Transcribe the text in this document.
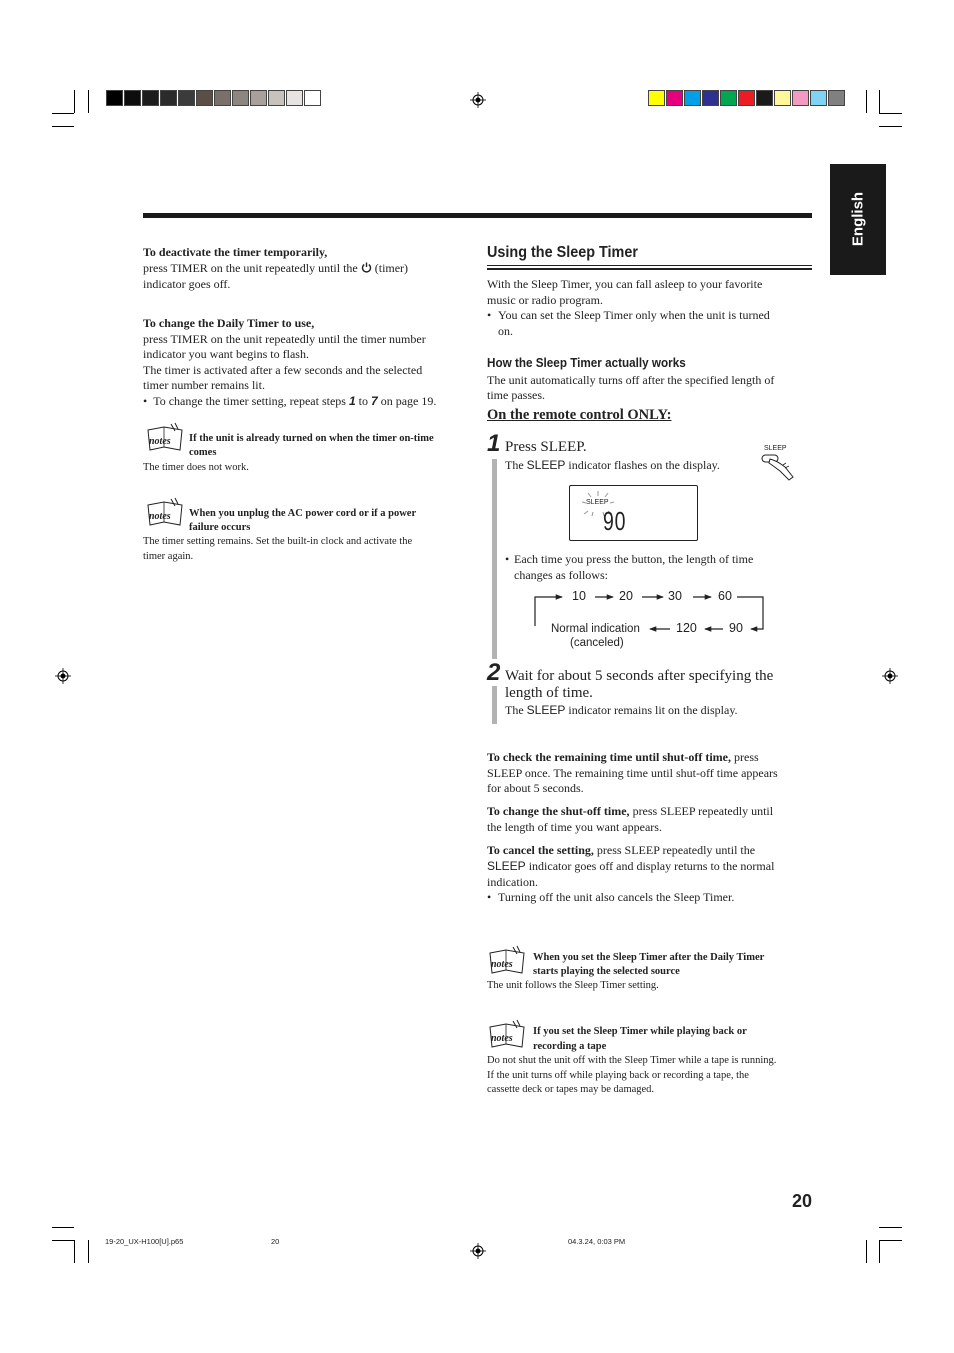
English
To deactivate the timer temporarily,
press TIMER on the unit repeatedly until the (timer)
indicator goes off.
To change the Daily Timer to use,
press TIMER on the unit repeatedly until the timer number
indicator you want begins to flash.
The timer is activated after a few seconds and the selected
timer number remains lit.
•  To change the timer setting, repeat steps 1 to 7 on page 19.
notes If the unit is already turned on when the timer on-time
comes
The timer does not work.
notes When you unplug the AC power cord or if a power
failure occurs
The timer setting remains. Set the built-in clock and activate the
timer again.
Using the Sleep Timer
With the Sleep Timer, you can fall asleep to your favorite
music or radio program.
• You can set the Sleep Timer only when the unit is turned
on.
How the Sleep Timer actually works
The unit automatically turns off after the specified length of
time passes.
On the remote control ONLY:
1 Press SLEEP.
The SLEEP indicator flashes on the display.
SLEEP
SLEEP
90
• Each time you press the button, the length of time
changes as follows:
10	20	30	60
120	90
Normal indication
(canceled)
2 Wait for about 5 seconds after specifying the
length of time.
The SLEEP indicator remains lit on the display.
To check the remaining time until shut-off time, press
SLEEP once. The remaining time until shut-off time appears
for about 5 seconds.
To change the shut-off time, press SLEEP repeatedly until
the length of time you want appears.
To cancel the setting, press SLEEP repeatedly until the
SLEEP indicator goes off and display returns to the normal
indication.
• Turning off the unit also cancels the Sleep Timer.
notes
When you set the Sleep Timer after the Daily Timer
starts playing the selected source
The unit follows the Sleep Timer setting.
notes
If you set the Sleep Timer while playing back or
recording a tape
Do not shut the unit off with the Sleep Timer while a tape is running.
If the unit turns off while playing back or recording a tape, the
cassette deck or tapes may be damaged.
20
19-20_UX-H100[U].p65	20	04.3.24, 0:03 PM
